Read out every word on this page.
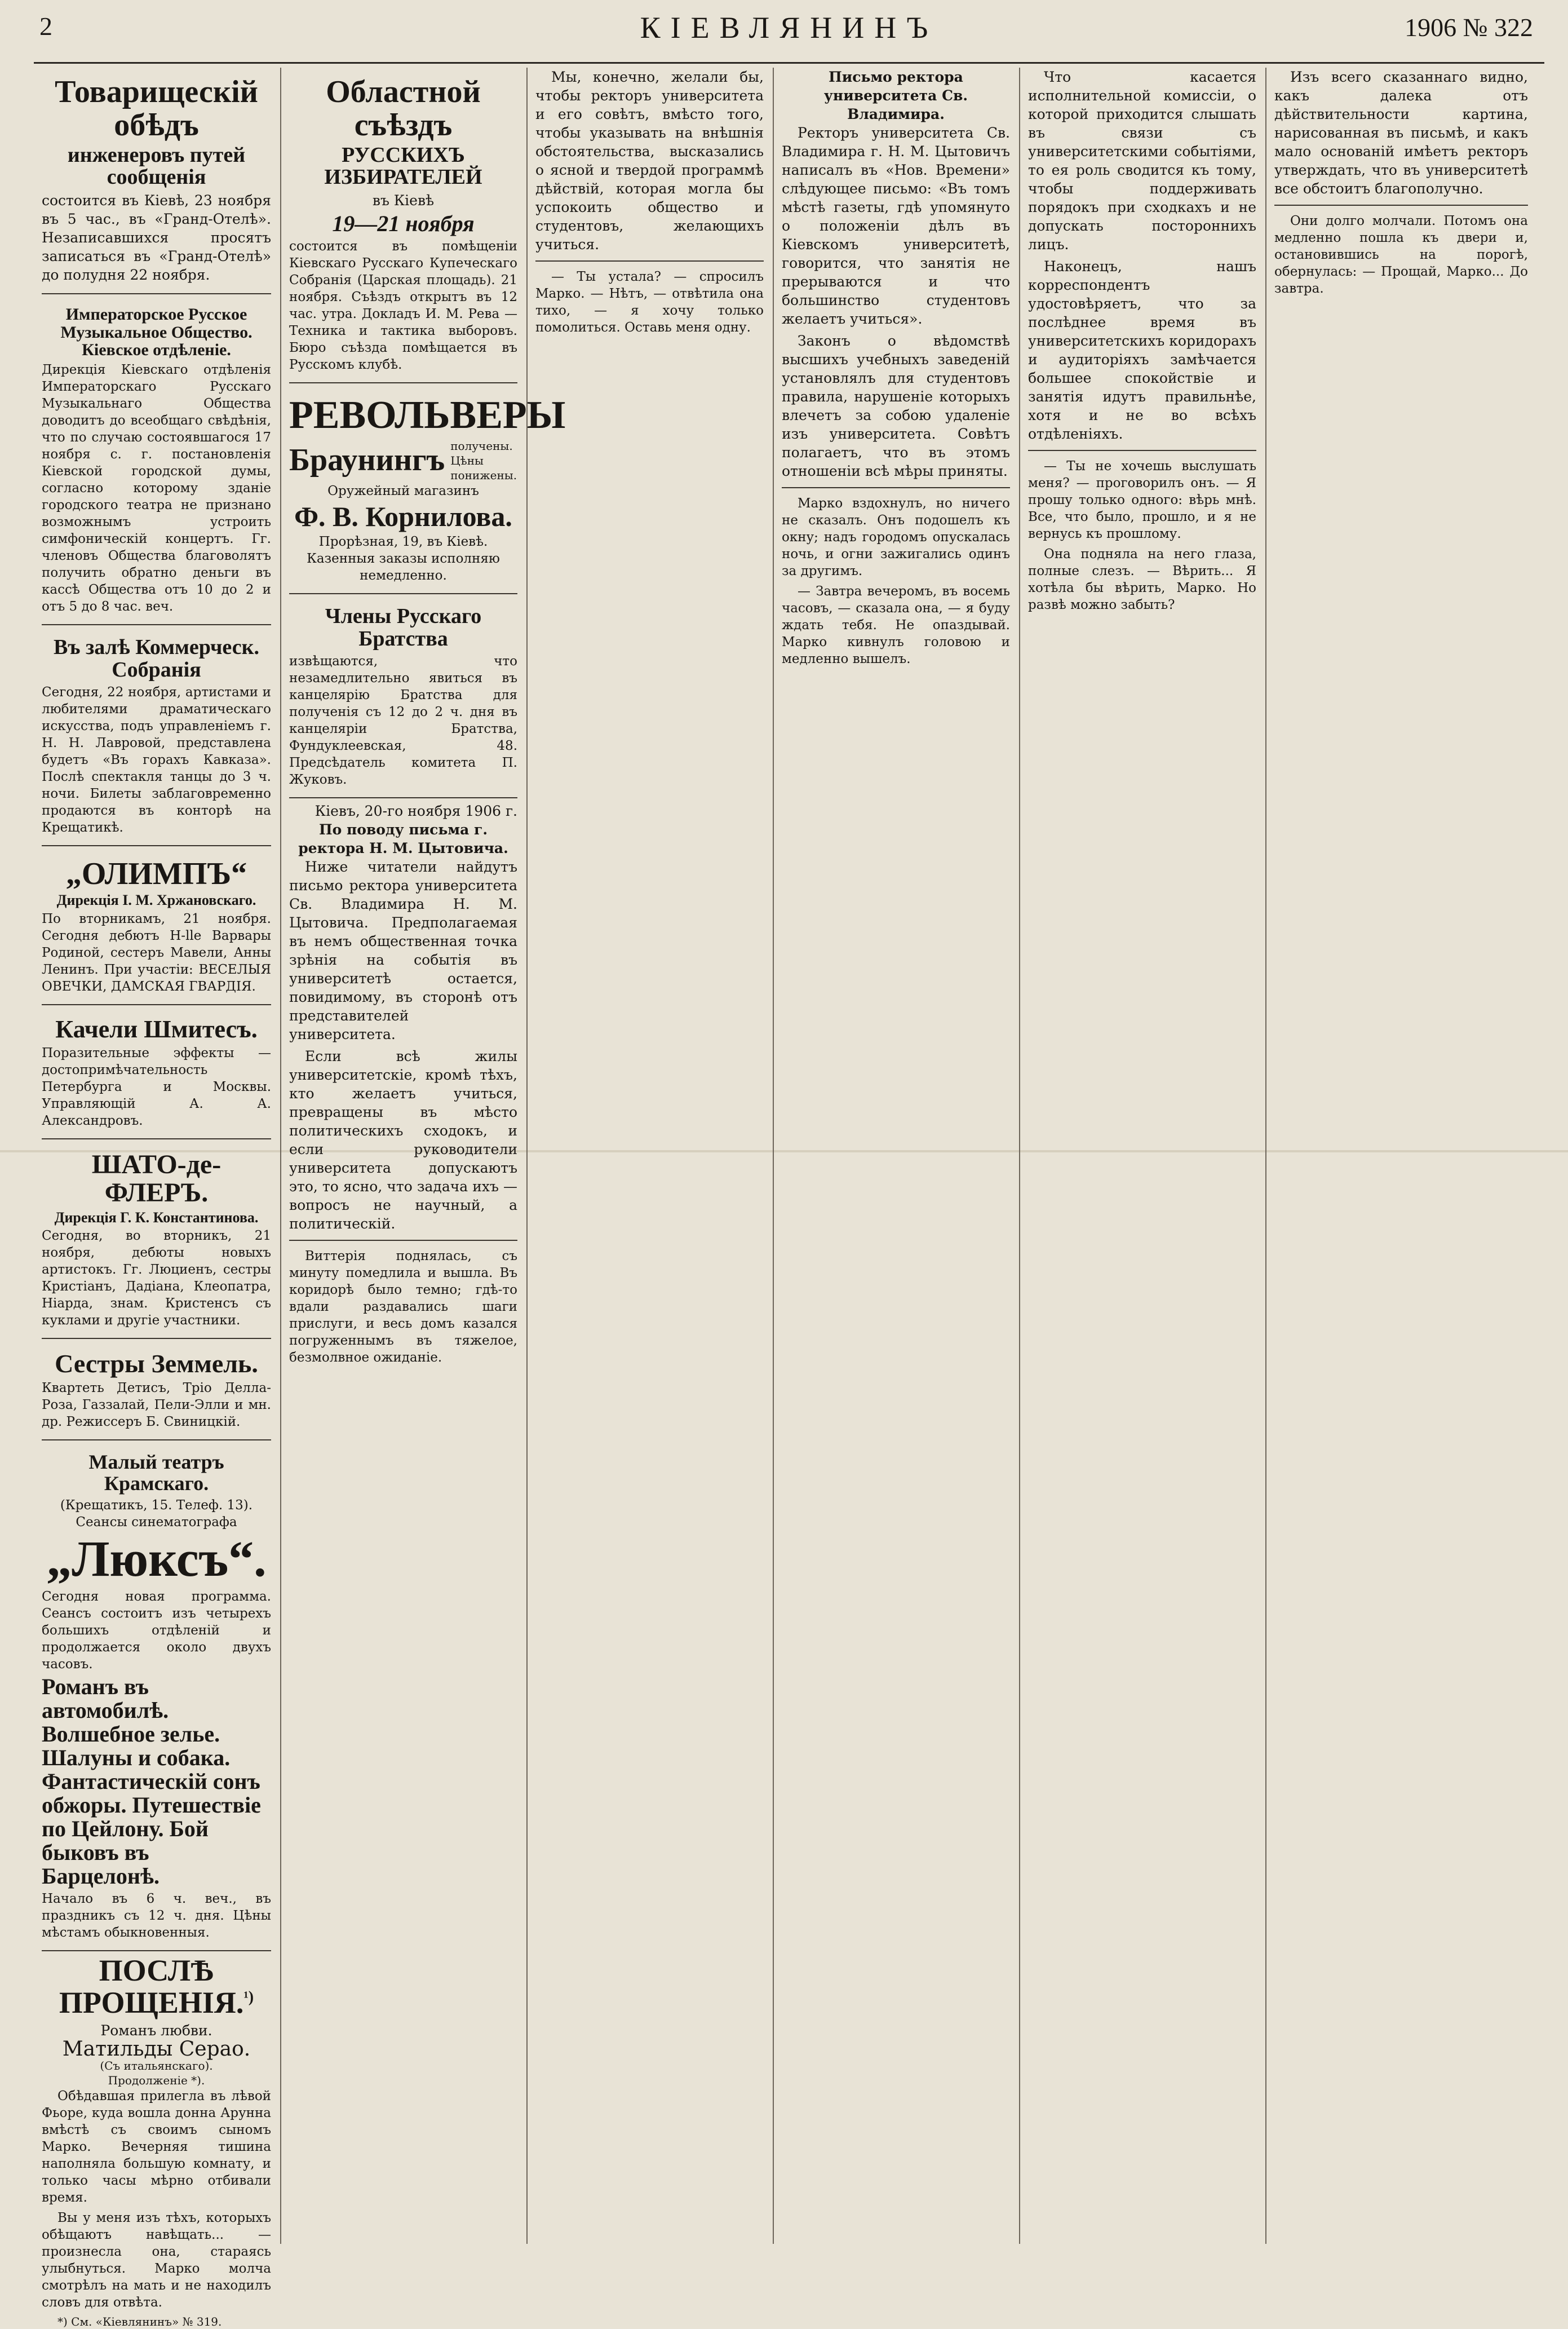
2	КIЕВЛЯНИНЪ	1906 № 322
Товарищескiй обѣдъ
инженеровъ путей сообщенiя

состоится въ Кiевѣ, 23 ноября въ 5 час., въ «Гранд-Отелѣ». Незаписавшихся просятъ записаться въ «Гранд-Отелѣ» до полудня 22 ноября.

Императорское Русское Музыкальное Общество. Кiевское отдѣленiе.

Дирекцiя Кiевскаго отдѣленiя Императорскаго Русскаго Музыкальнаго Общества доводитъ до всеобщаго свѣдѣнiя, что по случаю состоявшагося 17 ноября с. г. постановленiя Кiевской городской думы, согласно которому зданiе городского театра не признано возможнымъ устроить симфоническiй концертъ. Гг. членовъ Общества благоволятъ получить обратно деньги въ кассѣ Общества отъ 10 до 2 и отъ 5 до 8 час. веч.

Въ залѣ Коммерческ. Собранiя

Сегодня, 22 ноября, артистами и любителями драматическаго искусства, подъ управленiемъ г. Н. Н. Лавровой, представлена будетъ «Въ горахъ Кавказа». Послѣ спектакля танцы до 3 ч. ночи. Билеты заблаговременно продаются въ конторѣ на Крещатикѣ.

„ОЛИМПЪ“
Дирекцiя I. М. Хржановскаго.

По вторникамъ, 21 ноября. Сегодня дебютъ Н-llе Варвары Родиной, сестеръ Мавели, Анны Ленинъ. При участiи: ВЕСЕЛЫЯ ОВЕЧКИ, ДАМСКАЯ ГВАРДIЯ.

Качели Шмитесъ.

Поразительные эффекты — достопримѣчательность Петербурга и Москвы. Управляющiй А. А. Александровъ.

ШАТО-де-ФЛЕРЪ.
Дирекцiя Г. К. Константинова.

Сегодня, во вторникъ, 21 ноября, дебюты новыхъ артистокъ. Гг. Люциенъ, сестры Кристiанъ, Дадiана, Клеопатра, Нiарда, знам. Кристенсъ съ куклами и другiе участники.

Сестры Земмель.

Квартеть Детисъ, Трiо Делла-Роза, Газзалай, Пели-Элли и мн. др. Режиссеръ Б. Свиницкiй.

Малый театръ Крамскаго.

(Крещатикъ, 15. Телеф. 13). Сеансы синематографа

„Люксъ“.

Сегодня новая программа. Сеансъ состоитъ изъ четырехъ большихъ отдѣленiй и продолжается около двухъ часовъ.

Романъ въ автомобилѣ. Волшебное зелье. Шалуны и собака. Фантастическiй сонъ обжоры. Путешествiе по Цейлону. Бой быковъ въ Барцелонѣ.

Начало въ 6 ч. веч., въ праздникъ съ 12 ч. дня. Цѣны мѣстамъ обыкновенныя.

ПОСЛѢ ПРОЩЕНIЯ.$^{^1)}$
Романъ любви.
Матильды Серао.
(Съ итальянскаго).
Продолженiе *).

Обѣдавшая прилегла въ лѣвой Фьоре, куда вошла донна Арунна вмѣстѣ съ своимъ сыномъ Марко. Вечерняя тишина наполняла большую комнату, и только часы мѣрно отбивали время.

Вы у меня изъ тѣхъ, которыхъ обѣщаютъ навѣщать... — произнесла она, стараясь улыбнуться. Марко молча смотрѣлъ на мать и не находилъ словъ для отвѣта.

*) См. «Кiевлянинъ» № 319.

Областной съѣздъ
РУССКИХЪ ИЗБИРАТЕЛЕЙ
въ Кiевѣ
19—21 ноября

состоится въ помѣщенiи Кiевскаго Русскаго Купеческаго Собранiя (Царская площадь). 21 ноября. Съѣздъ открытъ въ 12 час. утра. Докладъ И. М. Рева — Техника и тактика выборовъ. Бюро съѣзда помѣщается въ Русскомъ клубѣ.

РЕВОЛЬВЕРЫ
Браунингъ получены. Цѣны понижены.
Оружейный магазинъ
Ф. В. Корнилова.

Прорѣзная, 19, въ Кiевѣ. Казенныя заказы исполняю немедленно.

Члены Русскаго Братства

извѣщаются, что незамедлительно явиться въ канцелярiю Братства для полученiя съ 12 до 2 ч. дня въ канцелярiи Братства, Фундуклеевская, 48. Предсѣдатель комитета П. Жуковъ.

Кiевъ, 20-го ноября 1906 г.
По поводу письма г. ректора Н. М. Цытовича.

Ниже читатели найдутъ письмо ректора университета Св. Владимира Н. М. Цытовича. Предполагаемая въ немъ общественная точка зрѣнiя на событiя въ университетѣ остается, повидимому, въ сторонѣ отъ представителей университета.

Если всѣ жилы университетскiе, кромѣ тѣхъ, кто желаетъ учиться, превращены въ мѣсто политическихъ сходокъ, и если руководители университета допускаютъ это, то ясно, что задача ихъ — вопросъ не научный, а политическiй.

Виттерiя поднялась, съ минуту помедлила и вышла. Въ коридорѣ было темно; гдѣ-то вдали раздавались шаги прислуги, и весь домъ казался погруженнымъ въ тяжелое, безмолвное ожиданiе.

Мы, конечно, желали бы, чтобы ректоръ университета и его совѣтъ, вмѣсто того, чтобы указывать на внѣшнiя обстоятельства, высказались о ясной и твердой программѣ дѣйствiй, которая могла бы успокоить общество и студентовъ, желающихъ учиться.

— Ты устала? — спросилъ Марко. — Нѣтъ, — отвѣтила она тихо, — я хочу только помолиться. Оставь меня одну.

Письмо ректора университета Св. Владимира.

Ректоръ университета Св. Владимира г. Н. М. Цытовичъ написалъ въ «Нов. Времени» слѣдующее письмо: «Въ томъ мѣстѣ газеты, гдѣ упомянуто о положенiи дѣлъ въ Кiевскомъ университетѣ, говорится, что занятiя не прерываются и что большинство студентовъ желаетъ учиться».

Законъ о вѣдомствѣ высшихъ учебныхъ заведенiй установлялъ для студентовъ правила, нарушенiе которыхъ влечетъ за собою удаленiе изъ университета. Совѣтъ полагаетъ, что въ этомъ отношенiи всѣ мѣры приняты.

Марко вздохнулъ, но ничего не сказалъ. Онъ подошелъ къ окну; надъ городомъ опускалась ночь, и огни зажигались одинъ за другимъ.

— Завтра вечеромъ, въ восемь часовъ, — сказала она, — я буду ждать тебя. Не опаздывай. Марко кивнулъ головою и медленно вышелъ.

Что касается исполнительной комиссiи, о которой приходится слышать въ связи съ университетскими событiями, то ея роль сводится къ тому, чтобы поддерживать порядокъ при сходкахъ и не допускать постороннихъ лицъ.

Наконецъ, нашъ корреспондентъ удостовѣряетъ, что за послѣднее время въ университетскихъ коридорахъ и аудиторiяхъ замѣчается большее спокойствiе и занятiя идутъ правильнѣе, хотя и не во всѣхъ отдѣленiяхъ.

— Ты не хочешь выслушать меня? — проговорилъ онъ. — Я прошу только одного: вѣрь мнѣ. Все, что было, прошло, и я не вернусь къ прошлому.

Она подняла на него глаза, полные слезъ. — Вѣрить... Я хотѣла бы вѣрить, Марко. Но развѣ можно забыть?

Изъ всего сказаннаго видно, какъ далека отъ дѣйствительности картина, нарисованная въ письмѣ, и какъ мало основанiй имѣетъ ректоръ утверждать, что въ университетѣ все обстоитъ благополучно.

Они долго молчали. Потомъ она медленно пошла къ двери и, остановившись на порогѣ, обернулась: — Прощай, Марко... До завтра.
